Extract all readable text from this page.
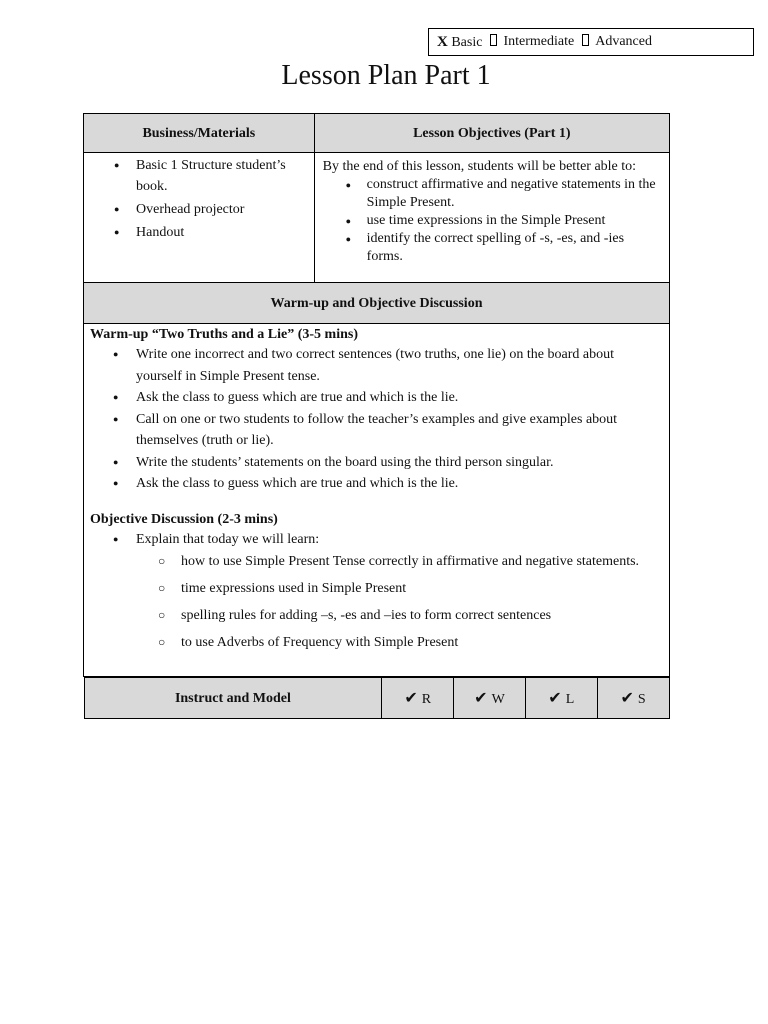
X Basic	Intermediate	Advanced
Lesson Plan Part 1
Business/Materials	Lesson Objectives (Part 1)

● Basic 1 Structure student’s book.
● Overhead projector
● Handout

By the end of this lesson, students will be better able to:

● construct affirmative and negative statements in the Simple Present.
● use time expressions in the Simple Present
● identify the correct spelling of -s, -es, and -ies forms.

Warm-up and Objective Discussion

Warm-up “Two Truths and a Lie” (3-5 mins)
● Write one incorrect and two correct sentences (two truths, one lie) on the board about yourself in Simple Present tense.
● Ask the class to guess which are true and which is the lie.
● Call on one or two students to follow the teacher’s examples and give examples about themselves (truth or lie).
● Write the students’ statements on the board using the third person singular.
● Ask the class to guess which are true and which is the lie.
Objective Discussion (2-3 mins)
● Explain that today we will learn:
○ how to use Simple Present Tense correctly in affirmative and negative statements.
○ time expressions used in Simple Present
○ spelling rules for adding –s, -es and –ies to form correct sentences
○ to use Adverbs of Frequency with Simple Present

Instruct and Model	✔ R	✔ W	✔ L	✔ S
